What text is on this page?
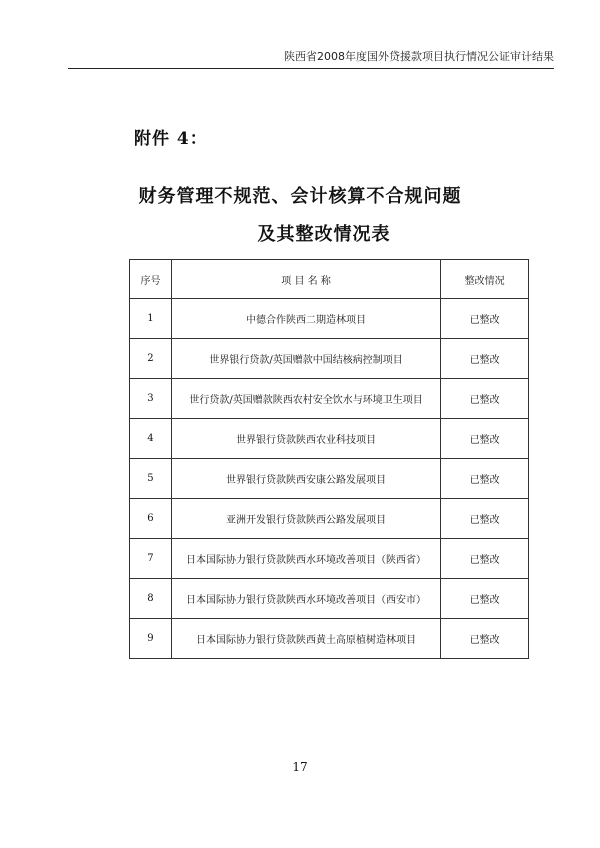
陕西省2008年度国外贷援款项目执行情况公证审计结果
附件 4：
财务管理不规范、会计核算不合规问题
及其整改情况表
序号	项 目 名 称	整改情况
1	中德合作陕西二期造林项目	已整改
2	世界银行贷款/英国赠款中国结核病控制项目	已整改
3	世行贷款/英国赠款陕西农村安全饮水与环境卫生项目	已整改
4	世界银行贷款陕西农业科技项目	已整改
5	世界银行贷款陕西安康公路发展项目	已整改
6	亚洲开发银行贷款陕西公路发展项目	已整改
7	日本国际协力银行贷款陕西水环境改善项目（陕西省）	已整改
8	日本国际协力银行贷款陕西水环境改善项目（西安市）	已整改
9	日本国际协力银行贷款陕西黄土高原植树造林项目	已整改
17
